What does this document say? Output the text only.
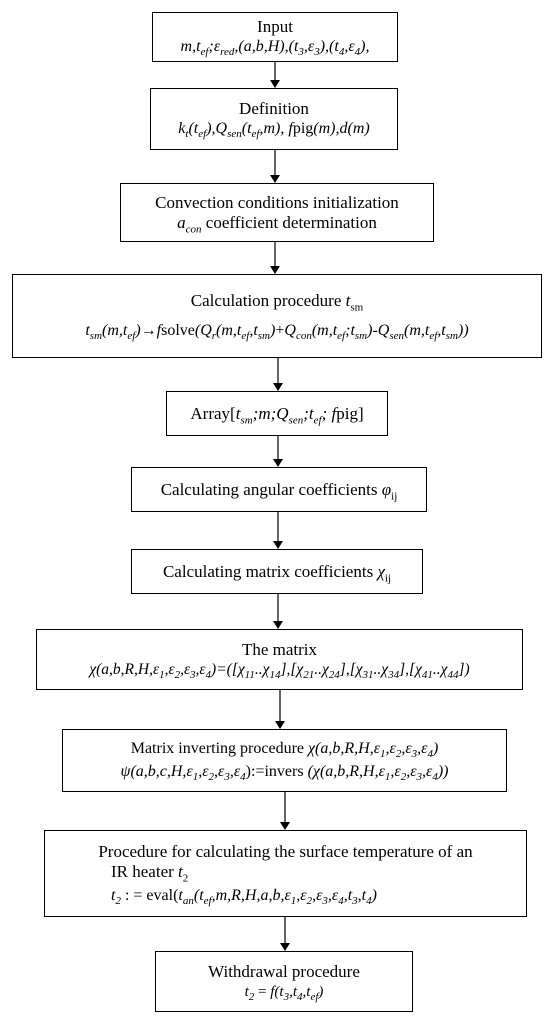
Input
$m,t_{ef};\varepsilon_{red},(a,b,H),(t_3,\varepsilon_3),(t_4,\varepsilon_4)$,
Definition
$k_t(t_{ef}),Q_{sen}(t_{ef},m)$, fpig(m),d(m)
Convection conditions initialization
$a_{con}$ coefficient determination
Calculation procedure $t_{sm}$
$t_{sm}(m,t_{ef})\to fsolve(Q_r(m,t_{ef},t_{sm})+Q_{con}(m,t_{ef};t_{sm})-Q_{sen}(m,t_{ef},t_{sm}))$
$Array[t_{sm};m;Q_{sen};t_{ef}$; fpig]
Calculating angular coefficients $\varphi_{ij}$
Calculating matrix coefficients $\chi_{ij}$
The matrix
$\chi(a,b,R,H,\varepsilon_1,\varepsilon_2,\varepsilon_3,\varepsilon_4)=([\chi_{11}..\chi_{14}],[\chi_{21}..\chi_{24}],[\chi_{31}..\chi_{34}],[\chi_{41}..\chi_{44}])$
Matrix inverting procedure $\chi(a,b,R,H,\varepsilon_1,\varepsilon_2,\varepsilon_3,\varepsilon_4)$
$\psi(a,b,c,H,\varepsilon_1,\varepsilon_2,\varepsilon_3,\varepsilon_4):=invers$ $(\chi(a,b,R,H,\varepsilon_1,\varepsilon_2,\varepsilon_3,\varepsilon_4))$
Procedure for calculating the surface temperature of an
IR heater $t_2$
$t_2$ : = $eval(t_{an}(t_{ef},m,R,H,a,b,\varepsilon_1,\varepsilon_2,\varepsilon_3,\varepsilon_4,t_3,t_4)$
Withdrawal procedure
$t_2 = f(t_3,t_4,t_{ef})$
